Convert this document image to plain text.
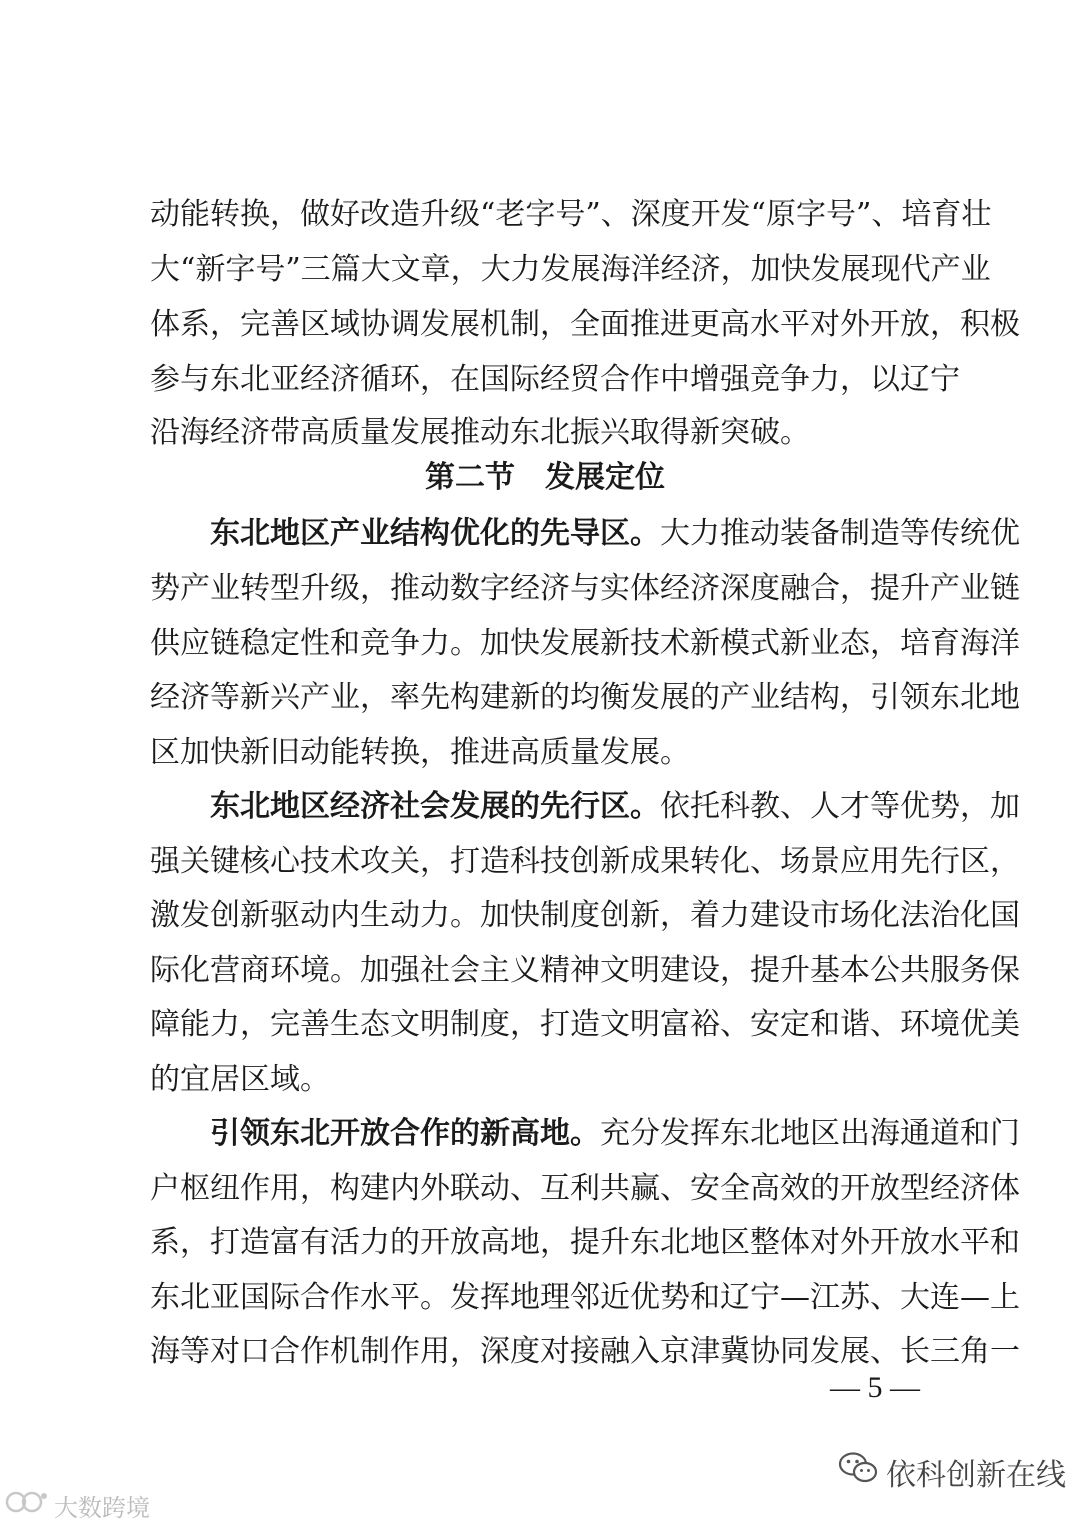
动能转换，做好改造升级“老字号”、深度开发“原字号”、培育壮
大“新字号”三篇大文章，大力发展海洋经济，加快发展现代产业
体系，完善区域协调发展机制，全面推进更高水平对外开放，积极
参与东北亚经济循环，在国际经贸合作中增强竞争力，以辽宁
沿海经济带高质量发展推动东北振兴取得新突破。
第二节　发展定位
东北地区产业结构优化的先导区。大力推动装备制造等传统优
势产业转型升级，推动数字经济与实体经济深度融合，提升产业链
供应链稳定性和竞争力。加快发展新技术新模式新业态，培育海洋
经济等新兴产业，率先构建新的均衡发展的产业结构，引领东北地
区加快新旧动能转换，推进高质量发展。
东北地区经济社会发展的先行区。依托科教、人才等优势，加
强关键核心技术攻关，打造科技创新成果转化、场景应用先行区，
激发创新驱动内生动力。加快制度创新，着力建设市场化法治化国
际化营商环境。加强社会主义精神文明建设，提升基本公共服务保
障能力，完善生态文明制度，打造文明富裕、安定和谐、环境优美
的宜居区域。
引领东北开放合作的新高地。充分发挥东北地区出海通道和门
户枢纽作用，构建内外联动、互利共赢、安全高效的开放型经济体
系，打造富有活力的开放高地，提升东北地区整体对外开放水平和
东北亚国际合作水平。发挥地理邻近优势和辽宁—江苏、大连—上
海等对口合作机制作用，深度对接融入京津冀协同发展、长三角一
— 5 —
依科创新在线
大数跨境
